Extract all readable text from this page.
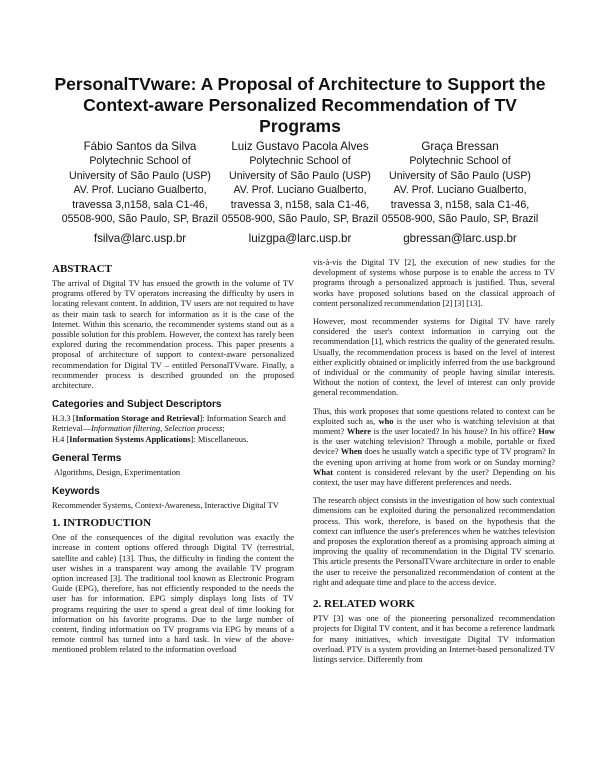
PersonalTVware: A Proposal of Architecture to Support the Context-aware Personalized Recommendation of TV Programs
Fábio Santos da Silva
Polytechnic School of
University of São Paulo (USP)
AV. Prof. Luciano Gualberto,
travessa 3,n158, sala C1-46,
05508-900, São Paulo, SP, Brazil
fsilva@larc.usp.br
Luiz Gustavo Pacola Alves
Polytechnic School of
University of São Paulo (USP)
AV. Prof. Luciano Gualberto,
travessa 3, n158, sala C1-46,
05508-900, São Paulo, SP, Brazil
luizgpa@larc.usp.br
Graça Bressan
Polytechnic School of
University of São Paulo (USP)
AV. Prof. Luciano Gualberto,
travessa 3, n158, sala C1-46,
05508-900, São Paulo, SP, Brazil
gbressan@larc.usp.br
ABSTRACT

The arrival of Digital TV has ensued the growth in the volume of TV programs offered by TV operators increasing the difficulty by users in locating relevant content. In addition, TV users are not required to have as their main task to search for information as it is the case of the Internet. Within this scenario, the recommender systems stand out as a possible solution for this problem. However, the context has rarely been explored during the recommendation process. This paper presents a proposal of architecture of support to context-aware personalized recommendation for Digital TV – entitled PersonalTVware. Finally, a recommender process is described grounded on the proposed architecture.

Categories and Subject Descriptors

H.3.3 [Information Storage and Retrieval]: Information Search and Retrieval—Information filtering, Selection process;
H.4 [Information Systems Applications]: Miscellaneous.

General Terms

Algorithms, Design, Experimentation

Keywords

Recommender Systems, Context-Awareness, Interactive Digital TV

1. INTRODUCTION

One of the consequences of the digital revolution was exactly the increase in content options offered through Digital TV (terrestrial, satellite and cable) [13]. Thus, the difficulty in finding the content the user wishes in a transparent way among the available TV program option increased [3]. The traditional tool known as Electronic Program Guide (EPG), therefore, has not efficiently responded to the needs the user has for information. EPG simply displays long lists of TV programs requiring the user to spend a great deal of time looking for information on his favorite programs. Due to the large number of content, finding information on TV programs via EPG by means of a remote control has turned into a hard task. In view of the above-mentioned problem related to the information overload

vis-à-vis the Digital TV [2], the execution of new studies for the development of systems whose purpose is to enable the access to TV programs through a personalized approach is justified. Thus, several works have proposed solutions based on the classical approach of content personalized recommendation [2] [3] [13].

However, most recommender systems for Digital TV have rarely considered the user's context information in carrying out the recommendation [1], which restricts the quality of the generated results. Usually, the recommendation process is based on the level of interest either explicitly obtained or implicitly inferred from the use background of individual or the community of people having similar interests. Without the notion of context, the level of interest can only provide general recommendation.

Thus, this work proposes that some questions related to context can be exploited such as, who is the user who is watching television at that moment? Where is the user located? In his house? In his office? How is the user watching television? Through a mobile, portable or fixed device? When does he usually watch a specific type of TV program? In the evening upon arriving at home from work or on Sunday morning? What content is considered relevant by the user? Depending on his context, the user may have different preferences and needs.

The research object consists in the investigation of how such contextual dimensions can be exploited during the personalized recommendation process. This work, therefore, is based on the hypothesis that the context can influence the user's preferences when he watches television and proposes the exploration thereof as a promising approach aiming at improving the quality of recommendation in the Digital TV scenario. This article presents the PersonalTVware architecture in order to enable the user to receive the personalized recommendation of content at the right and adequate time and place to the access device.

2. RELATED WORK

PTV [3] was one of the pioneering personalized recommendation projects for Digital TV content, and it has become a reference landmark for many initiatives, which investigate Digital TV information overload. PTV is a system providing an Internet-based personalized TV listings service. Differently from
